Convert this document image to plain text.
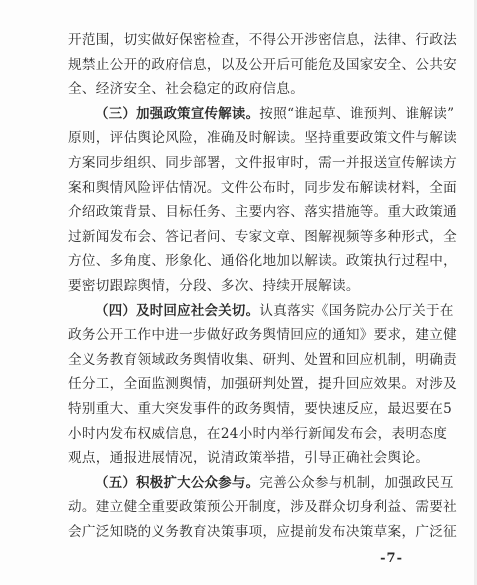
开范围，切实做好保密检查，不得公开涉密信息，法律、行政法
规禁止公开的政府信息，以及公开后可能危及国家安全、公共安
全、经济安全、社会稳定的政府信息。
（三）加强政策宣传解读。按照“谁起草、谁预判、谁解读”
原则，评估舆论风险，准确及时解读。坚持重要政策文件与解读
方案同步组织、同步部署，文件报审时，需一并报送宣传解读方
案和舆情风险评估情况。文件公布时，同步发布解读材料，全面
介绍政策背景、目标任务、主要内容、落实措施等。重大政策通
过新闻发布会、答记者问、专家文章、图解视频等多种形式，全
方位、多角度、形象化、通俗化地加以解读。政策执行过程中，
要密切跟踪舆情，分段、多次、持续开展解读。
（四）及时回应社会关切。认真落实《国务院办公厅关于在
政务公开工作中进一步做好政务舆情回应的通知》要求，建立健
全义务教育领域政务舆情收集、研判、处置和回应机制，明确责
任分工，全面监测舆情，加强研判处置，提升回应效果。对涉及
特别重大、重大突发事件的政务舆情，要快速反应，最迟要在5
小时内发布权威信息，在24小时内举行新闻发布会，表明态度
观点，通报进展情况，说清政策举措，引导正确社会舆论。
（五）积极扩大公众参与。完善公众参与机制，加强政民互
动。建立健全重要政策预公开制度，涉及群众切身利益、需要社
会广泛知晓的义务教育决策事项，应提前发布决策草案，广泛征
-7-
